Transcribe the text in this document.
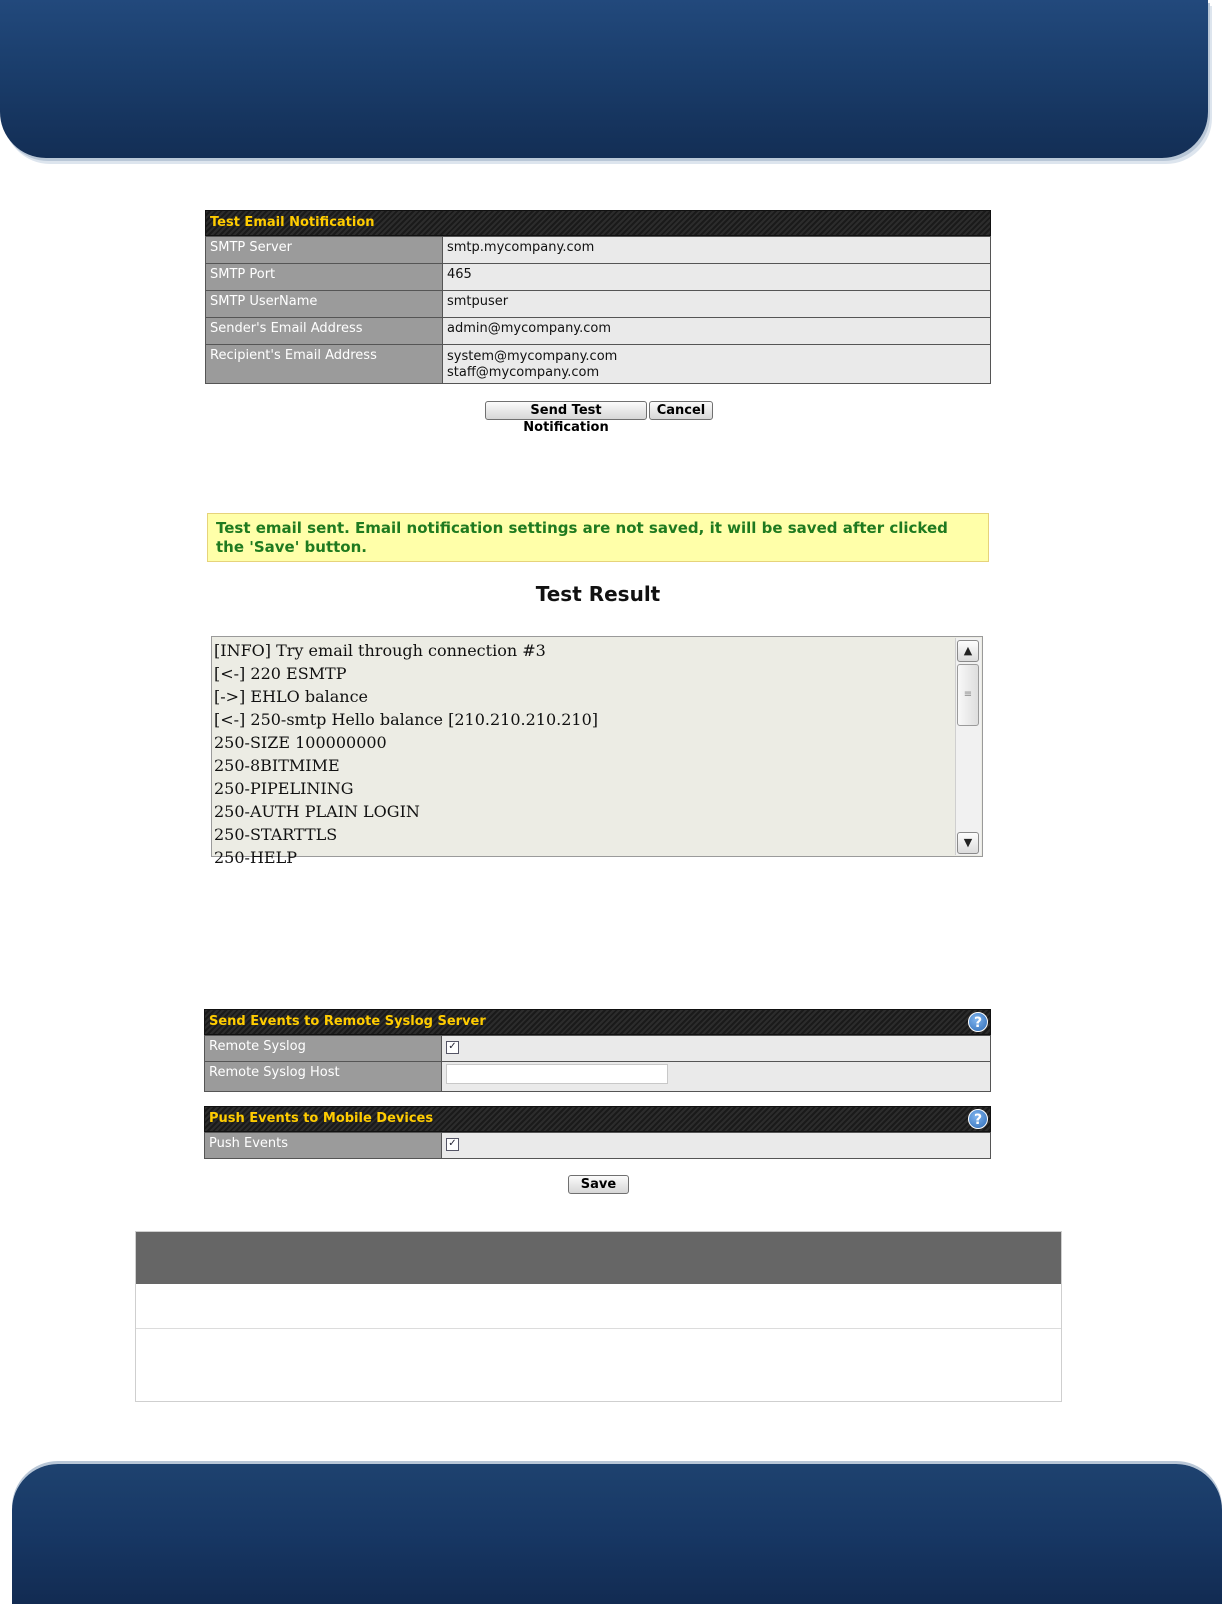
Test Email Notification
SMTP Server	smtp.mycompany.com
SMTP Port	465
SMTP UserName	smtpuser
Sender's Email Address	admin@mycompany.com
Recipient's Email Address	system@mycompany.com
staff@mycompany.com
Send Test Notification
Cancel
Test email sent. Email notification settings are not saved, it will be saved after clicked the 'Save' button.
Test Result
[INFO] Try email through connection #3
[<-] 220 ESMTP
[->] EHLO balance
[<-] 250-smtp Hello balance [210.210.210.210]
250-SIZE 100000000
250-8BITMIME
250-PIPELINING
250-AUTH PLAIN LOGIN
250-STARTTLS
250-HELP
▲
≡
▼
Send Events to Remote Syslog Server	?
Remote Syslog	✓
Remote Syslog Host	
Push Events to Mobile Devices	?
Push Events	✓
Save
